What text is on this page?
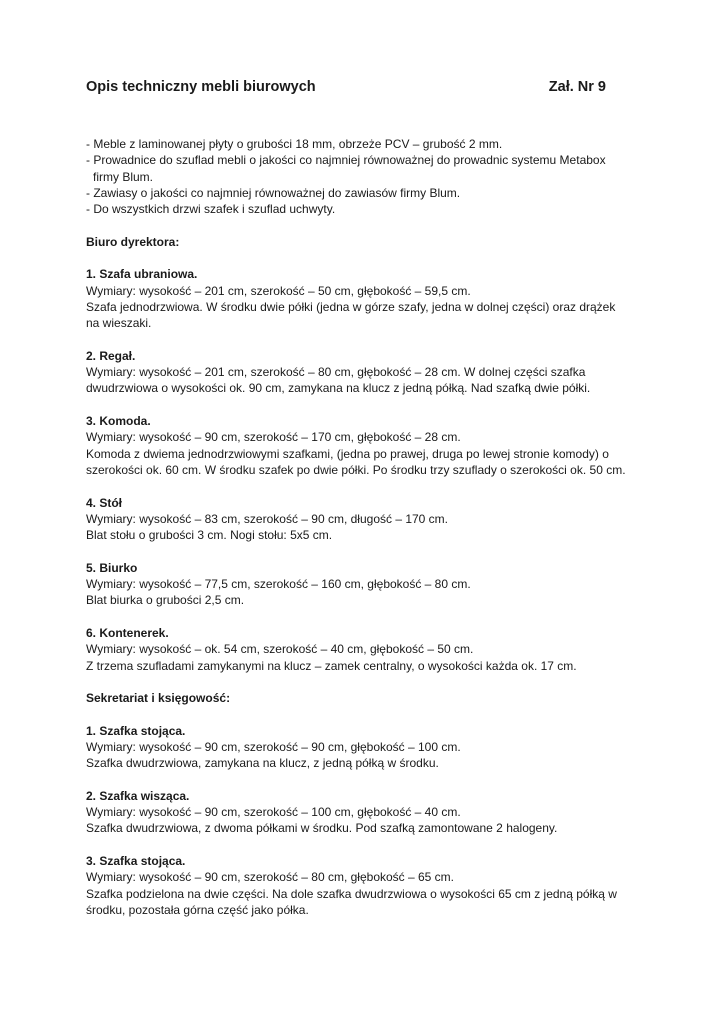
Opis techniczny mebli biurowych	Zał. Nr 9

- Meble z laminowanej płyty o grubości 18 mm, obrzeże PCV – grubość 2 mm.

- Prowadnice do szuflad mebli o jakości co najmniej równoważnej do prowadnic systemu Metabox

firmy Blum.

- Zawiasy o jakości co najmniej równoważnej do zawiasów firmy Blum.

- Do wszystkich drzwi szafek i szuflad uchwyty.

Biuro dyrektora:

1. Szafa ubraniowa.

Wymiary: wysokość – 201 cm, szerokość – 50 cm, głębokość – 59,5 cm.

Szafa jednodrzwiowa. W środku dwie półki (jedna w górze szafy, jedna w dolnej części) oraz drążek

na wieszaki.

2. Regał.

Wymiary: wysokość – 201 cm, szerokość – 80 cm, głębokość – 28 cm. W dolnej części szafka

dwudrzwiowa o wysokości ok. 90 cm, zamykana na klucz z jedną półką. Nad szafką dwie półki.

3. Komoda.

Wymiary: wysokość – 90 cm, szerokość – 170 cm, głębokość – 28 cm.

Komoda z dwiema jednodrzwiowymi szafkami, (jedna po prawej, druga po lewej stronie komody) o

szerokości ok. 60 cm. W środku szafek po dwie półki. Po środku trzy szuflady o szerokości ok. 50 cm.

4. Stół

Wymiary: wysokość – 83 cm, szerokość – 90 cm, długość – 170 cm.

Blat stołu o grubości 3 cm. Nogi stołu: 5x5 cm.

5. Biurko

Wymiary: wysokość – 77,5 cm, szerokość – 160 cm, głębokość – 80 cm.

Blat biurka o grubości 2,5 cm.

6. Kontenerek.

Wymiary: wysokość – ok. 54 cm, szerokość – 40 cm, głębokość – 50 cm.

Z trzema szufladami zamykanymi na klucz – zamek centralny, o wysokości każda ok. 17 cm.

Sekretariat i księgowość:

1. Szafka stojąca.

Wymiary: wysokość – 90 cm, szerokość – 90 cm, głębokość – 100 cm.

Szafka dwudrzwiowa, zamykana na klucz, z jedną półką w środku.

2. Szafka wisząca.

Wymiary: wysokość – 90 cm, szerokość – 100 cm, głębokość – 40 cm.

Szafka dwudrzwiowa, z dwoma półkami w środku. Pod szafką zamontowane 2 halogeny.

3. Szafka stojąca.

Wymiary: wysokość – 90 cm, szerokość – 80 cm, głębokość – 65 cm.

Szafka podzielona na dwie części. Na dole szafka dwudrzwiowa o wysokości 65 cm z jedną półką w

środku, pozostała górna część jako półka.
